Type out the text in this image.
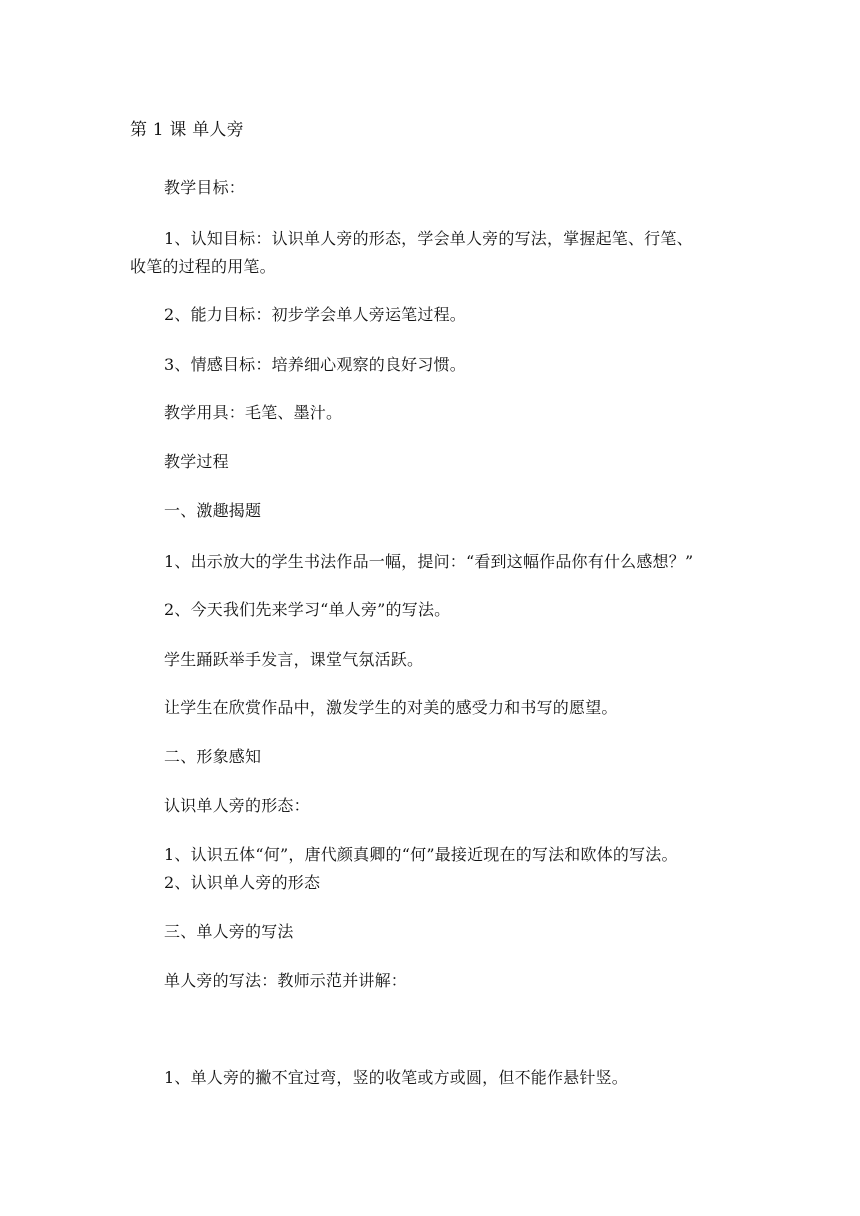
第 1 课 单人旁
教学目标：
1、认知目标：认识单人旁的形态，学会单人旁的写法，掌握起笔、行笔、
收笔的过程的用笔。
2、能力目标：初步学会单人旁运笔过程。
3、情感目标：培养细心观察的良好习惯。
教学用具：毛笔、墨汁。
教学过程
一、激趣揭题
1、出示放大的学生书法作品一幅，提问：“看到这幅作品你有什么感想？”
2、今天我们先来学习“单人旁”的写法。
学生踊跃举手发言，课堂气氛活跃。
让学生在欣赏作品中，激发学生的对美的感受力和书写的愿望。
二、形象感知
认识单人旁的形态：
1、认识五体“何”，唐代颜真卿的“何”最接近现在的写法和欧体的写法。
2、认识单人旁的形态
三、单人旁的写法
单人旁的写法：教师示范并讲解：
1、单人旁的撇不宜过弯，竖的收笔或方或圆，但不能作悬针竖。
